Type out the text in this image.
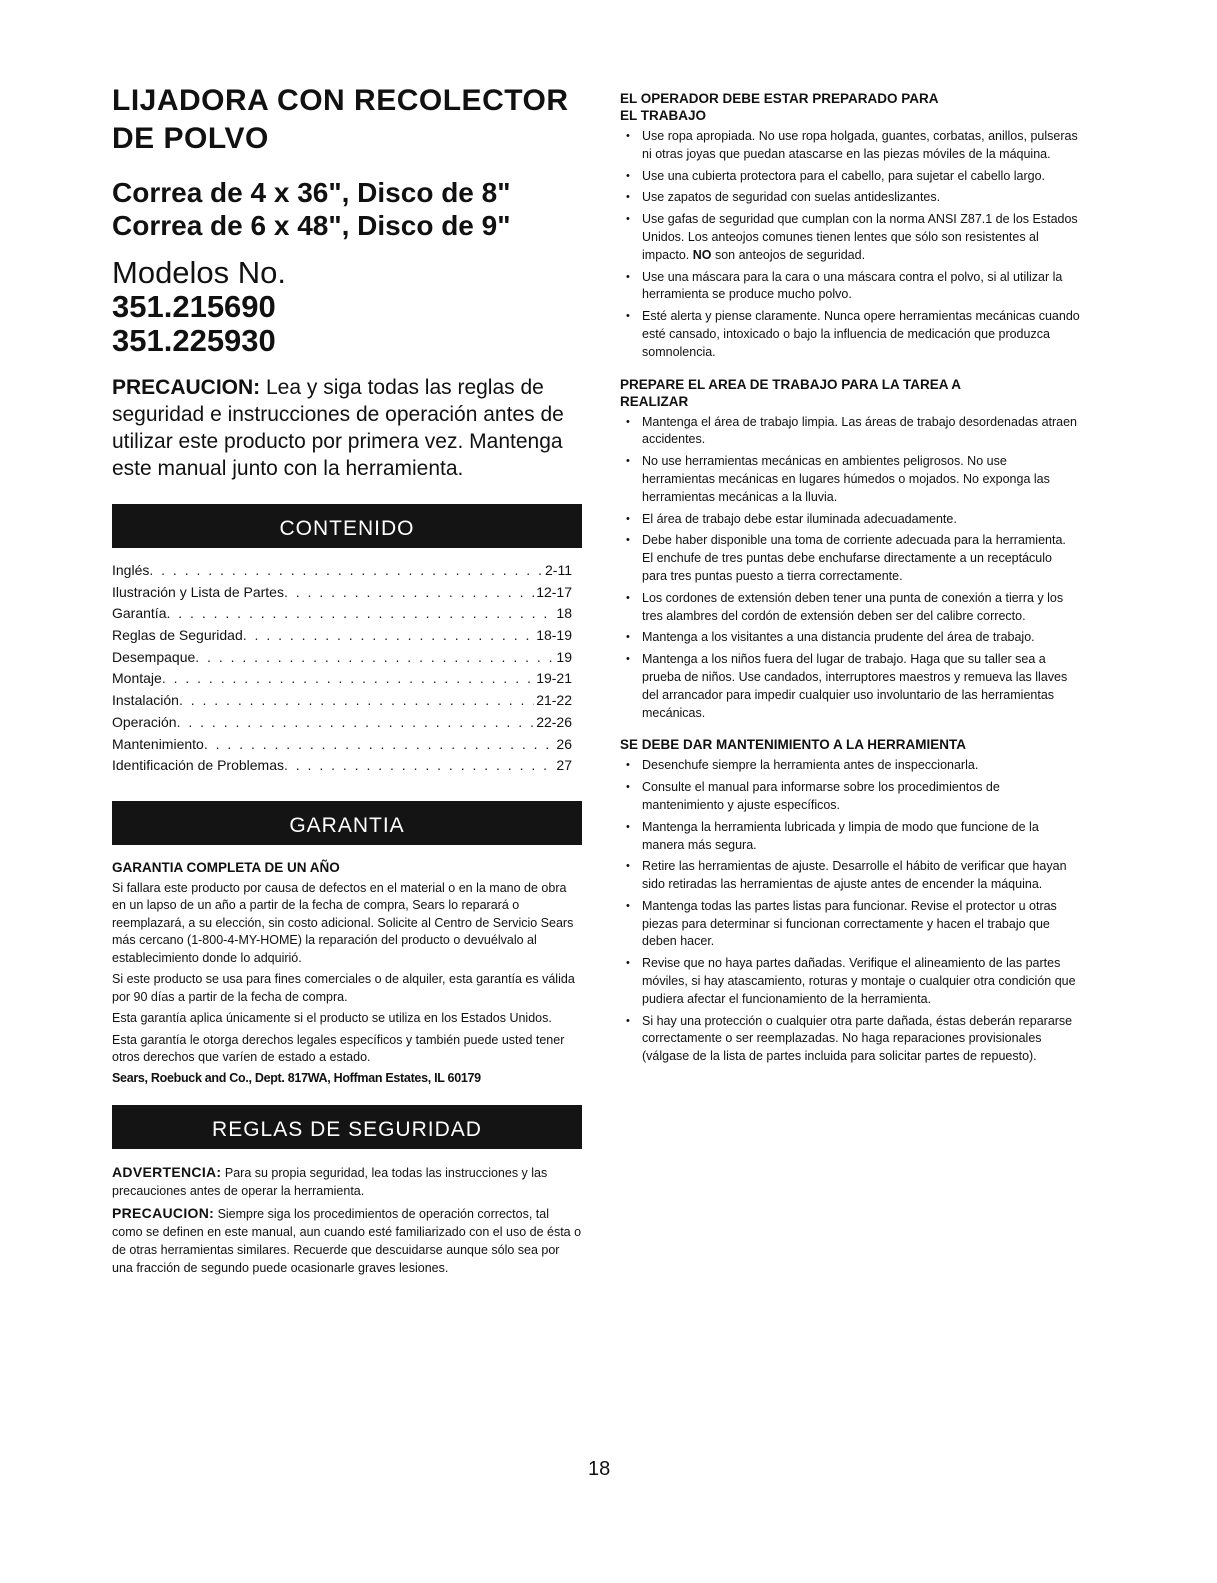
LIJADORA CON RECOLECTOR
DE POLVO
Correa de 4 x 36", Disco de 8"
Correa de 6 x 48", Disco de 9"
Modelos No.
351.215690
351.225930

PRECAUCION: Lea y siga todas las reglas de seguridad e instrucciones de operación antes de utilizar este producto por primera vez. Mantenga este manual junto con la herramienta.

CONTENIDO
Inglés . . .	2-11
Ilustración y Lista de Partes . . .	12-17
Garantía . . .	18
Reglas de Seguridad . . .	18-19
Desempaque . . .	19
Montaje . . .	19-21
Instalación . . .	21-22
Operación . . .	22-26
Mantenimiento . . .	26
Identificación de Problemas . . .	27
GARANTIA
GARANTIA COMPLETA DE UN AÑO

Si fallara este producto por causa de defectos en el material o en la mano de obra en un lapso de un año a partir de la fecha de compra, Sears lo reparará o reemplazará, a su elección, sin costo adicional. Solicite al Centro de Servicio Sears más cercano (1-800-4-MY-HOME) la reparación del producto o devuélvalo al establecimiento donde lo adquirió.

Si este producto se usa para fines comerciales o de alquiler, esta garantía es válida por 90 días a partir de la fecha de compra.

Esta garantía aplica únicamente si el producto se utiliza en los Estados Unidos.

Esta garantía le otorga derechos legales específicos y también puede usted tener otros derechos que varíen de estado a estado.

Sears, Roebuck and Co., Dept. 817WA, Hoffman Estates, IL 60179

REGLAS DE SEGURIDAD

ADVERTENCIA: Para su propia seguridad, lea todas las instrucciones y las precauciones antes de operar la herramienta.

PRECAUCION: Siempre siga los procedimientos de operación correctos, tal como se definen en este manual, aun cuando esté familiarizado con el uso de ésta o de otras herramientas similares. Recuerde que descuidarse aunque sólo sea por una fracción de segundo puede ocasionarle graves lesiones.

EL OPERADOR DEBE ESTAR PREPARADO PARA
EL TRABAJO
• Use ropa apropiada. No use ropa holgada, guantes, corbatas, anillos, pulseras ni otras joyas que puedan atascarse en las piezas móviles de la máquina.
• Use una cubierta protectora para el cabello, para sujetar el cabello largo.
• Use zapatos de seguridad con suelas antideslizantes.
• Use gafas de seguridad que cumplan con la norma ANSI Z87.1 de los Estados Unidos. Los anteojos comunes tienen lentes que sólo son resistentes al impacto. NO son anteojos de seguridad.
• Use una máscara para la cara o una máscara contra el polvo, si al utilizar la herramienta se produce mucho polvo.
• Esté alerta y piense claramente. Nunca opere herramientas mecánicas cuando esté cansado, intoxicado o bajo la influencia de medicación que produzca somnolencia.
PREPARE EL AREA DE TRABAJO PARA LA TAREA A
REALIZAR
• Mantenga el área de trabajo limpia. Las áreas de trabajo desordenadas atraen accidentes.
• No use herramientas mecánicas en ambientes peligrosos. No use herramientas mecánicas en lugares húmedos o mojados. No exponga las herramientas mecánicas a la lluvia.
• El área de trabajo debe estar iluminada adecuadamente.
• Debe haber disponible una toma de corriente adecuada para la herramienta. El enchufe de tres puntas debe enchufarse directamente a un receptáculo para tres puntas puesto a tierra correctamente.
• Los cordones de extensión deben tener una punta de conexión a tierra y los tres alambres del cordón de extensión deben ser del calibre correcto.
• Mantenga a los visitantes a una distancia prudente del área de trabajo.
• Mantenga a los niños fuera del lugar de trabajo. Haga que su taller sea a prueba de niños. Use candados, interruptores maestros y remueva las llaves del arrancador para impedir cualquier uso involuntario de las herramientas mecánicas.
SE DEBE DAR MANTENIMIENTO A LA HERRAMIENTA
• Desenchufe siempre la herramienta antes de inspeccionarla.
• Consulte el manual para informarse sobre los procedimientos de mantenimiento y ajuste específicos.
• Mantenga la herramienta lubricada y limpia de modo que funcione de la manera más segura.
• Retire las herramientas de ajuste. Desarrolle el hábito de verificar que hayan sido retiradas las herramientas de ajuste antes de encender la máquina.
• Mantenga todas las partes listas para funcionar. Revise el protector u otras piezas para determinar si funcionan correctamente y hacen el trabajo que deben hacer.
• Revise que no haya partes dañadas. Verifique el alineamiento de las partes móviles, si hay atascamiento, roturas y montaje o cualquier otra condición que pudiera afectar el funcionamiento de la herramienta.
• Si hay una protección o cualquier otra parte dañada, éstas deberán repararse correctamente o ser reemplazadas. No haga reparaciones provisionales (válgase de la lista de partes incluida para solicitar partes de repuesto).
18
